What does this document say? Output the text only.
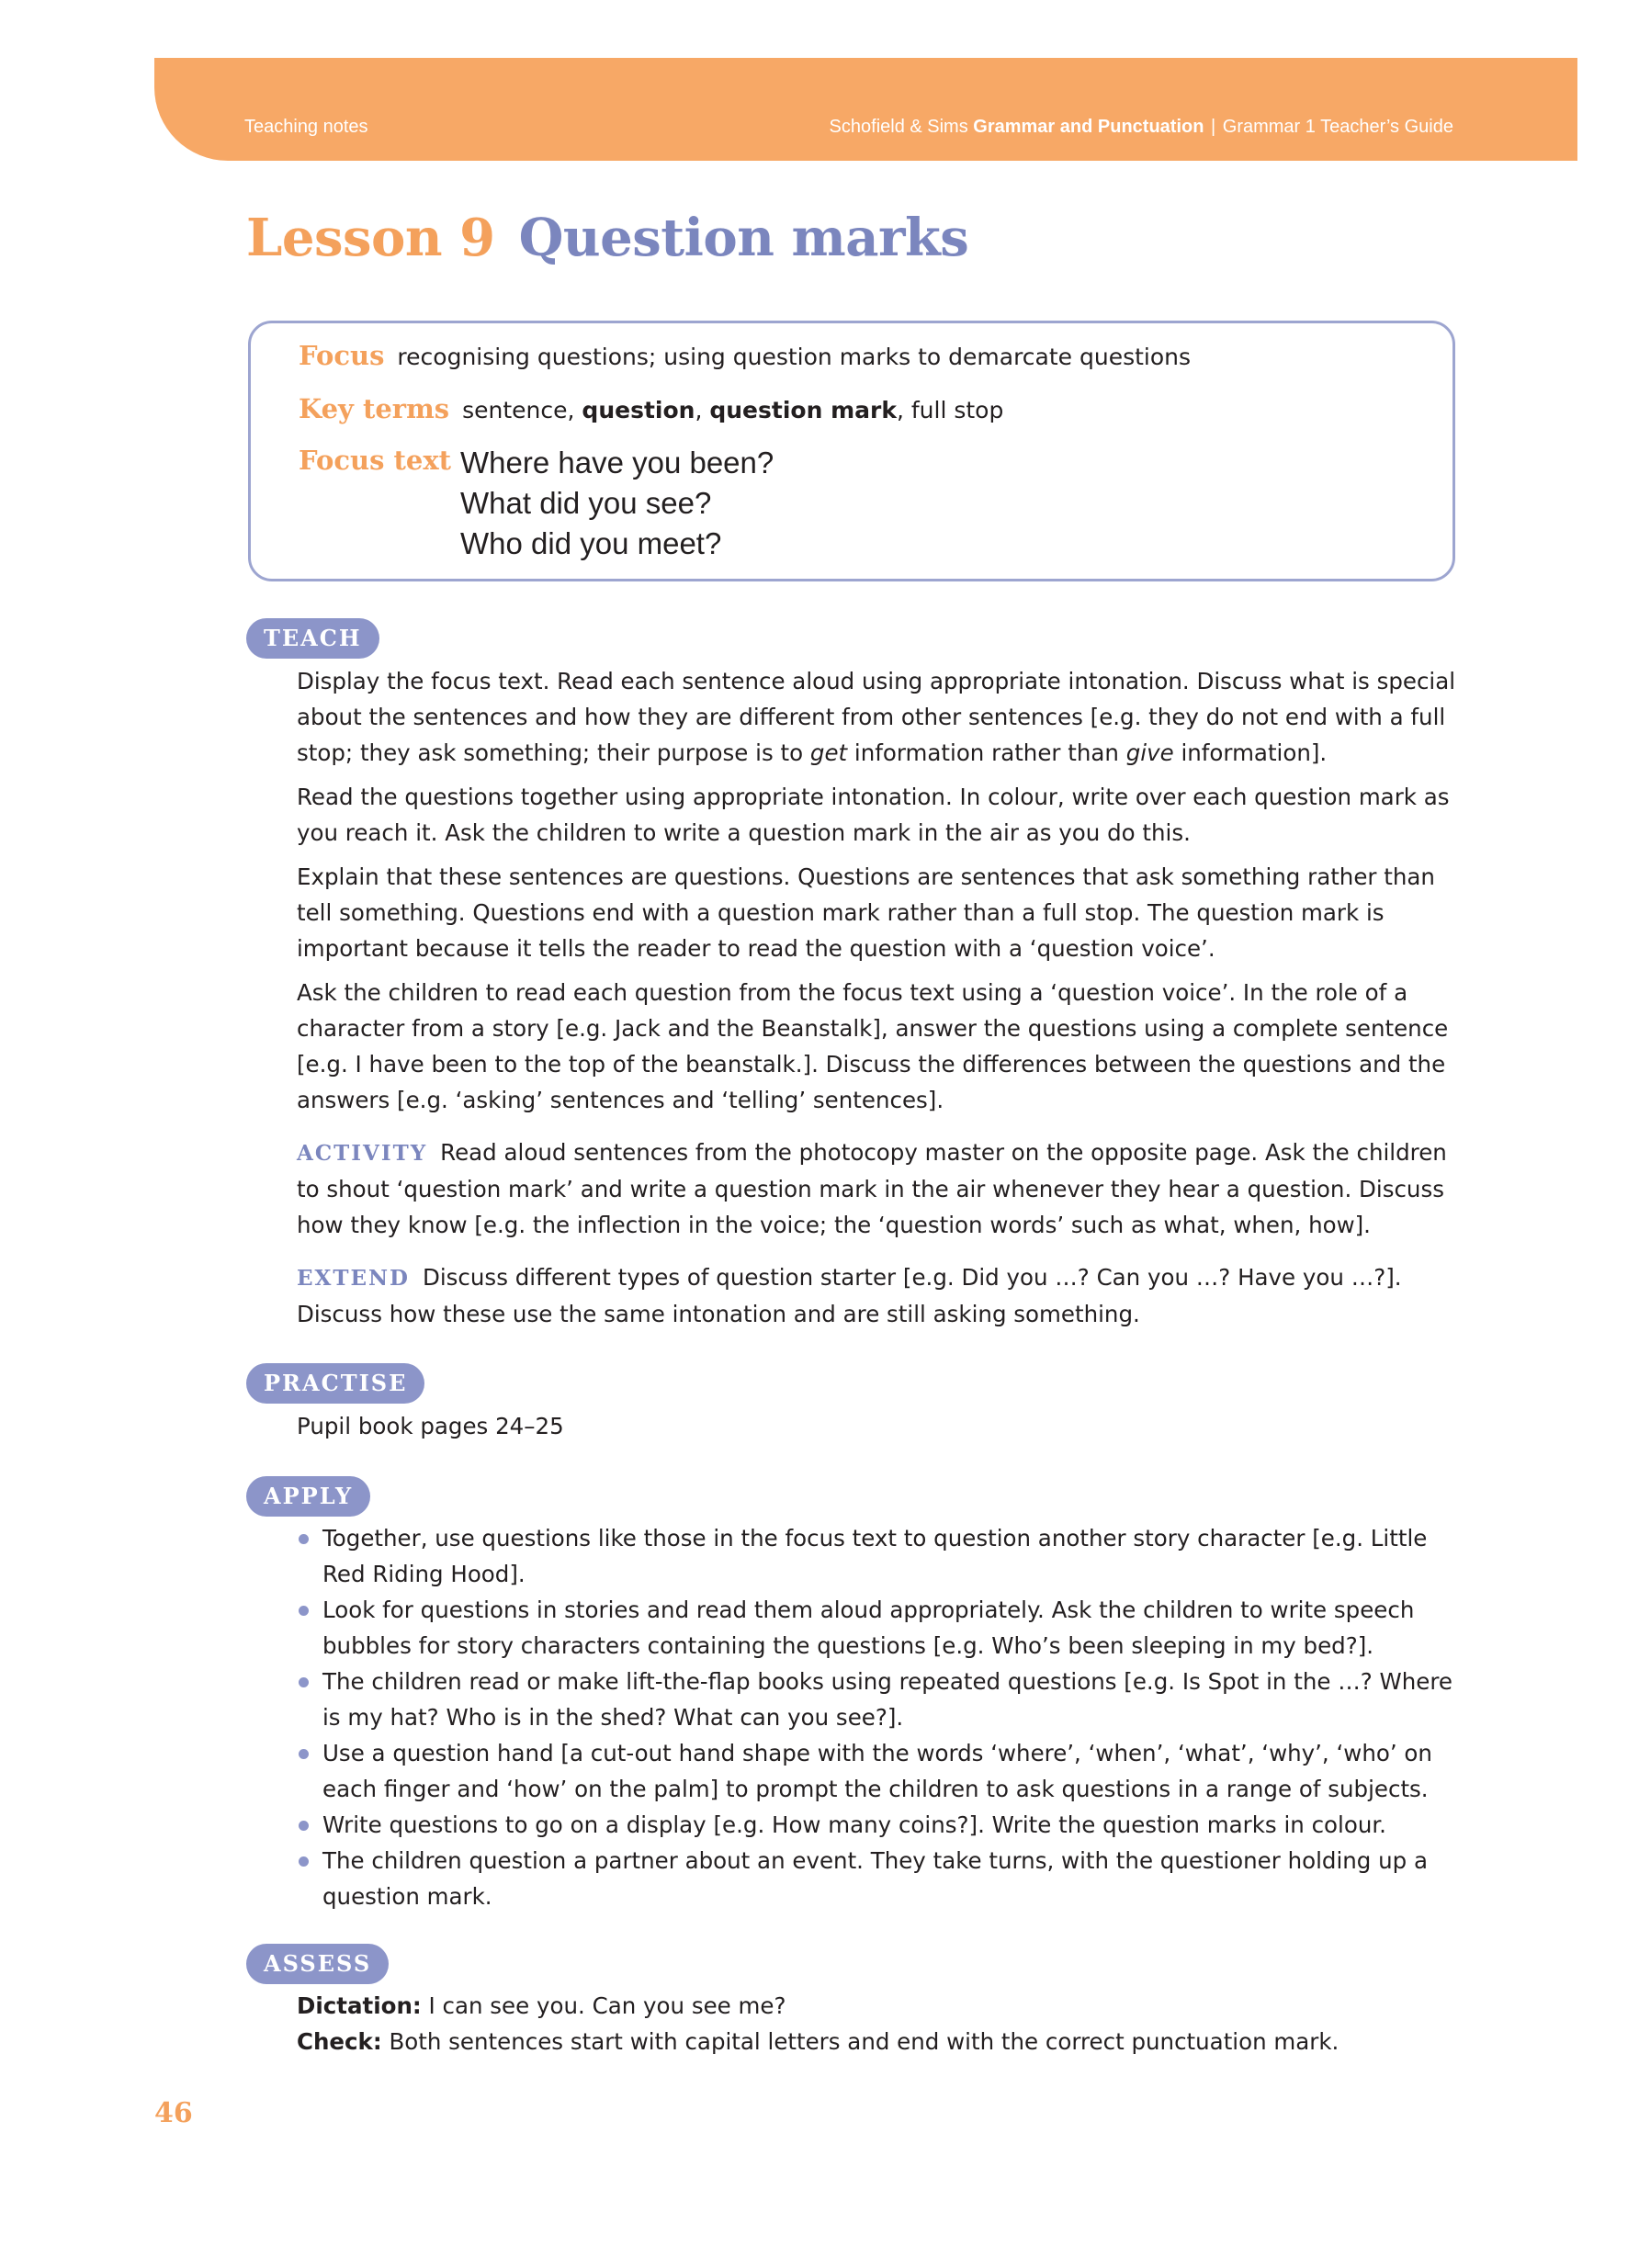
Teaching notes	Schofield & Sims Grammar and Punctuation | Grammar 1 Teacher’s Guide
Lesson 9 Question marks
Focus recognising questions; using question marks to demarcate questions
Key terms sentence, question, question mark, full stop
Focus text Where have you been?
What did you see?
Who did you meet?
TEACH

Display the focus text. Read each sentence aloud using appropriate intonation. Discuss what is special about the sentences and how they are different from other sentences [e.g. they do not end with a full stop; they ask something; their purpose is to get information rather than give information].

Read the questions together using appropriate intonation. In colour, write over each question mark as you reach it. Ask the children to write a question mark in the air as you do this.

Explain that these sentences are questions. Questions are sentences that ask something rather than tell something. Questions end with a question mark rather than a full stop. The question mark is important because it tells the reader to read the question with a ‘question voice’.

Ask the children to read each question from the focus text using a ‘question voice’. In the role of a character from a story [e.g. Jack and the Beanstalk], answer the questions using a complete sentence [e.g. I have been to the top of the beanstalk.]. Discuss the differences between the questions and the answers [e.g. ‘asking’ sentences and ‘telling’ sentences].

ACTIVITY Read aloud sentences from the photocopy master on the opposite page. Ask the children to shout ‘question mark’ and write a question mark in the air whenever they hear a question. Discuss how they know [e.g. the inflection in the voice; the ‘question words’ such as what, when, how].

EXTEND Discuss different types of question starter [e.g. Did you …? Can you …? Have you …?]. Discuss how these use the same intonation and are still asking something.

PRACTISE

Pupil book pages 24–25

APPLY
Together, use questions like those in the focus text to question another story character [e.g. Little Red Riding Hood].
Look for questions in stories and read them aloud appropriately. Ask the children to write speech bubbles for story characters containing the questions [e.g. Who’s been sleeping in my bed?].
The children read or make lift-the-flap books using repeated questions [e.g. Is Spot in the …? Where is my hat? Who is in the shed? What can you see?].
Use a question hand [a cut-out hand shape with the words ‘where’, ‘when’, ‘what’, ‘why’, ‘who’ on each finger and ‘how’ on the palm] to prompt the children to ask questions in a range of subjects.
Write questions to go on a display [e.g. How many coins?]. Write the question marks in colour.
The children question a partner about an event. They take turns, with the questioner holding up a question mark.
ASSESS
Dictation: I can see you. Can you see me?
Check: Both sentences start with capital letters and end with the correct punctuation mark.
46
